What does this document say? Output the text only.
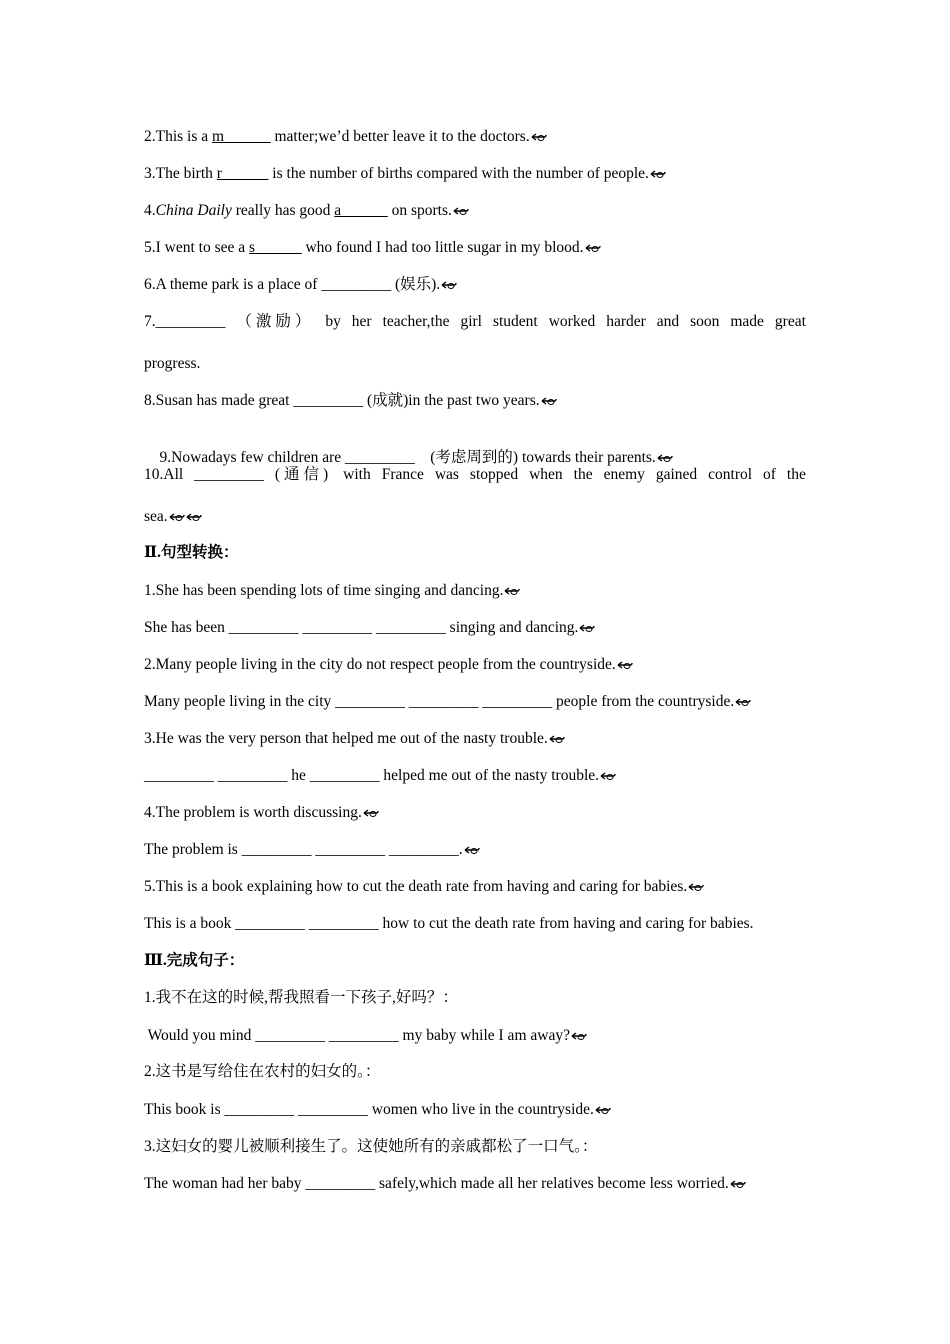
2.This is a m______ matter;we’d better leave it to the doctors.
3.The birth r______ is the number of births compared with the number of people.
4.China Daily really has good a______ on sports.
5.I went to see a s______ who found I had too little sugar in my blood.
6.A theme park is a place of _________ (娱乐).
7._________ （激励） by her teacher,the girl student worked harder and soon made great
progress.
8.Susan has made great _________ (成就)in the past two years.

9.Nowadays few children are _________    (考虑周到的) towards their parents.

10.All _________ (通信) with France was stopped when the enemy gained control of the
sea.
Ⅱ.句型转换：
1.She has been spending lots of time singing and dancing.
She has been _________ _________ _________ singing and dancing.
2.Many people living in the city do not respect people from the countryside.
Many people living in the city _________ _________ _________ people from the countryside.
3.He was the very person that helped me out of the nasty trouble.
_________ _________ he _________ helped me out of the nasty trouble.
4.The problem is worth discussing.
The problem is _________ _________ _________.
5.This is a book explaining how to cut the death rate from having and caring for babies.
This is a book _________ _________ how to cut the death rate from having and caring for babies.
Ⅲ.完成句子：
1.我不在这的时候,帮我照看一下孩子,好吗？：
Would you mind _________ _________ my baby while I am away?
2.这书是写给住在农村的妇女的。：
This book is _________ _________ women who live in the countryside.
3.这妇女的婴儿被顺利接生了。这使她所有的亲戚都松了一口气。：
The woman had her baby _________ safely,which made all her relatives become less worried.
